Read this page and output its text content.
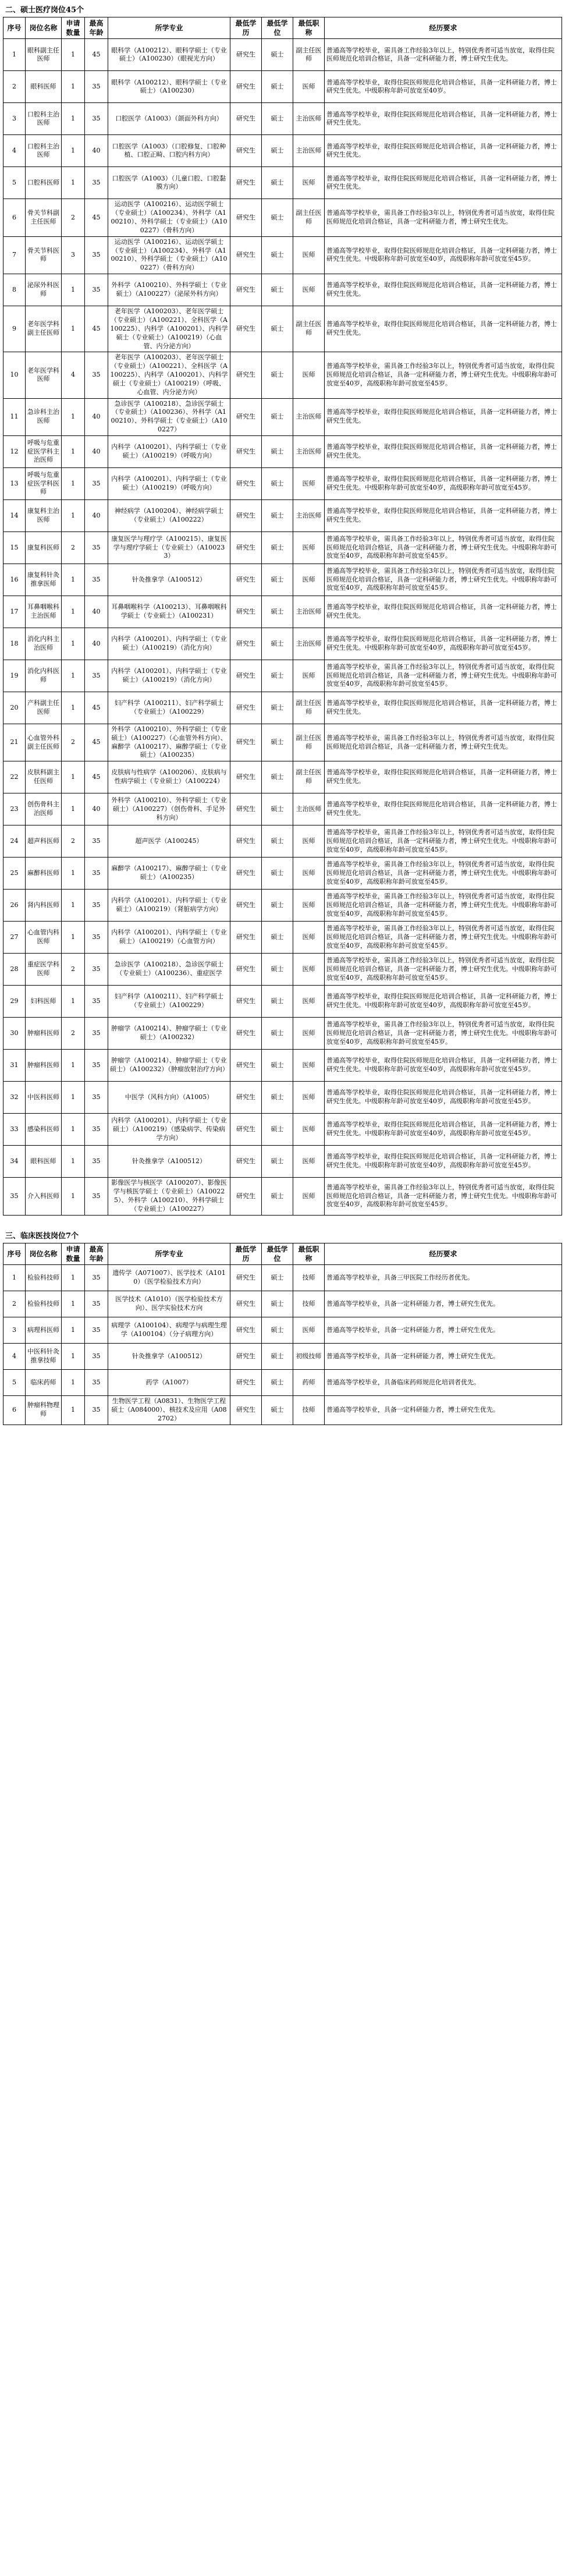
二、硕士医疗岗位45个
序号	岗位名称	申请数量	最高年龄	所学专业	最低学历	最低学位	最低职称	经历要求
1	眼科副主任医师	1	45	眼科学（A100212）、眼科学硕士（专业硕士）（A100230）（眼视光方向）	研究生	硕士	副主任医师	普通高等学校毕业，需具备工作经验3年以上，特别优秀者可适当放宽，取得住院医师规范化培训合格证，具备一定科研能力者，博士研究生优先。
2	眼科医师	1	35	眼科学（A100212）、眼科学硕士（专业硕士）（A100230）	研究生	硕士	医师	普通高等学校毕业，取得住院医师规范化培训合格证，具备一定科研能力者，博士研究生优先。中级职称年龄可放宽至40岁。
3	口腔科主治医师	1	35	口腔医学（A1003）（颌面外科方向）	研究生	硕士	主治医师	普通高等学校毕业，取得住院医师规范化培训合格证，具备一定科研能力者，博士研究生优先。
4	口腔科主治医师	1	40	口腔医学（A1003）（口腔修复、口腔种植、口腔正畸、口腔内科方向）	研究生	硕士	主治医师	普通高等学校毕业，取得住院医师规范化培训合格证，具备一定科研能力者，博士研究生优先。
5	口腔科医师	1	35	口腔医学（A1003）（儿童口腔、口腔黏膜方向）	研究生	硕士	医师	普通高等学校毕业，取得住院医师规范化培训合格证，具备一定科研能力者，博士研究生优先。
6	骨关节科副主任医师	2	45	运动医学（A100216）、运动医学硕士（专业硕士）（A100234）、外科学（A100210）、外科学硕士（专业硕士）（A100227）（骨科方向）	研究生	硕士	副主任医师	普通高等学校毕业，需具备工作经验3年以上，特别优秀者可适当放宽，取得住院医师规范化培训合格证，具备一定科研能力者，博士研究生优先。
7	骨关节科医师	3	35	运动医学（A100216）、运动医学硕士（专业硕士）（A100234）、外科学（A100210）、外科学硕士（专业硕士）（A100227）（骨科方向）	研究生	硕士	医师	普通高等学校毕业，取得住院医师规范化培训合格证，具备一定科研能力者，博士研究生优先。中级职称年龄可放宽至40岁，高级职称年龄可放宽至45岁。
8	泌尿外科医师	1	35	外科学（A100210）、外科学硕士（专业硕士）（A100227）（泌尿外科方向）	研究生	硕士	医师	普通高等学校毕业，取得住院医师规范化培训合格证，具备一定科研能力者，博士研究生优先。
9	老年医学科副主任医师	1	45	老年医学（A100203）、老年医学硕士（专业硕士）（A100221）、全科医学（A100225）、内科学（A100201）、内科学硕士（专业硕士）（A100219）（心血管、内分泌方向）	研究生	硕士	副主任医师	普通高等学校毕业，取得住院医师规范化培训合格证，具备一定科研能力者，博士研究生优先。
10	老年医学科医师	4	35	老年医学（A100203）、老年医学硕士（专业硕士）（A100221）、全科医学（A100225）、内科学（A100201）、内科学硕士（专业硕士）（A100219）（呼吸、心血管、内分泌方向）	研究生	硕士	医师	普通高等学校毕业，需具备工作经验3年以上，特别优秀者可适当放宽，取得住院医师规范化培训合格证，具备一定科研能力者，博士研究生优先。中级职称年龄可放宽至40岁，高级职称年龄可放宽至45岁。
11	急诊科主治医师	1	40	急诊医学（A100218）、急诊医学硕士（专业硕士）（A100236）、外科学（A100210）、外科学硕士（专业硕士）（A100227）	研究生	硕士	主治医师	普通高等学校毕业，取得住院医师规范化培训合格证，具备一定科研能力者，博士研究生优先。
12	呼吸与危重症医学科主治医师	1	40	内科学（A100201）、内科学硕士（专业硕士）（A100219）（呼吸方向）	研究生	硕士	主治医师	普通高等学校毕业，取得住院医师规范化培训合格证，具备一定科研能力者，博士研究生优先。
13	呼吸与危重症医学科医师	1	35	内科学（A100201）、内科学硕士（专业硕士）（A100219）（呼吸方向）	研究生	硕士	医师	普通高等学校毕业，取得住院医师规范化培训合格证，具备一定科研能力者，博士研究生优先。中级职称年龄可放宽至40岁，高级职称年龄可放宽至45岁。
14	康复科主治医师	1	40	神经病学（A100204）、神经病学硕士（专业硕士）（A100222）	研究生	硕士	主治医师	普通高等学校毕业，取得住院医师规范化培训合格证，具备一定科研能力者，博士研究生优先。
15	康复科医师	2	35	康复医学与理疗学（A100215）、康复医学与理疗学硕士（专业硕士）（A100233）	研究生	硕士	医师	普通高等学校毕业，需具备工作经验3年以上，特别优秀者可适当放宽，取得住院医师规范化培训合格证，具备一定科研能力者，博士研究生优先。中级职称年龄可放宽至40岁，高级职称年龄可放宽至45岁。
16	康复科针灸推拿医师	1	35	针灸推拿学（A100512）	研究生	硕士	医师	普通高等学校毕业，需具备工作经验3年以上，特别优秀者可适当放宽，取得住院医师规范化培训合格证，具备一定科研能力者，博士研究生优先。中级职称年龄可放宽至40岁，高级职称年龄可放宽至45岁。
17	耳鼻咽喉科主治医师	1	40	耳鼻咽喉科学（A100213）、耳鼻咽喉科学硕士（专业硕士）（A100231）	研究生	硕士	主治医师	普通高等学校毕业，取得住院医师规范化培训合格证，具备一定科研能力者，博士研究生优先。
18	消化内科主治医师	1	40	内科学（A100201）、内科学硕士（专业硕士）（A100219）（消化方向）	研究生	硕士	主治医师	普通高等学校毕业，取得住院医师规范化培训合格证，具备一定科研能力者，博士研究生优先。中级职称年龄可放宽至40岁，高级职称年龄可放宽至45岁。
19	消化内科医师	1	35	内科学（A100201）、内科学硕士（专业硕士）（A100219）（消化方向）	研究生	硕士	医师	普通高等学校毕业，需具备工作经验3年以上，特别优秀者可适当放宽，取得住院医师规范化培训合格证，具备一定科研能力者，博士研究生优先。中级职称年龄可放宽至40岁，高级职称年龄可放宽至45岁。
20	产科副主任医师	1	45	妇产科学（A100211）、妇产科学硕士（专业硕士）（A100229）	研究生	硕士	副主任医师	普通高等学校毕业，取得住院医师规范化培训合格证，具备一定科研能力者，博士研究生优先。
21	心血管外科副主任医师	2	45	外科学（A100210）、外科学硕士（专业硕士）（A100227）（心血管外科方向）、麻醉学（A100217）、麻醉学硕士（专业硕士）（A100235）	研究生	硕士	副主任医师	普通高等学校毕业，需具备工作经验3年以上，特别优秀者可适当放宽，取得住院医师规范化培训合格证，具备一定科研能力者，博士研究生优先。
22	皮肤科副主任医师	1	45	皮肤病与性病学（A100206）、皮肤病与性病学硕士（专业硕士）（A100224）	研究生	硕士	副主任医师	普通高等学校毕业，取得住院医师规范化培训合格证，具备一定科研能力者，博士研究生优先。
23	创伤骨科主治医师	1	40	外科学（A100210）、外科学硕士（专业硕士）（A100227）（创伤骨科、手足外科方向）	研究生	硕士	主治医师	普通高等学校毕业，取得住院医师规范化培训合格证，具备一定科研能力者，博士研究生优先。
24	超声科医师	2	35	超声医学（A100245）	研究生	硕士	医师	普通高等学校毕业，需具备工作经验3年以上，特别优秀者可适当放宽，取得住院医师规范化培训合格证，具备一定科研能力者，博士研究生优先。中级职称年龄可放宽至40岁，高级职称年龄可放宽至45岁。
25	麻醉科医师	1	35	麻醉学（A100217）、麻醉学硕士（专业硕士）（A100235）	研究生	硕士	医师	普通高等学校毕业，需具备工作经验3年以上，特别优秀者可适当放宽，取得住院医师规范化培训合格证，具备一定科研能力者，博士研究生优先。中级职称年龄可放宽至40岁，高级职称年龄可放宽至45岁。
26	肾内科医师	1	35	内科学（A100201）、内科学硕士（专业硕士）（A100219）（肾脏病学方向）	研究生	硕士	医师	普通高等学校毕业，需具备工作经验3年以上，特别优秀者可适当放宽，取得住院医师规范化培训合格证，具备一定科研能力者，博士研究生优先。中级职称年龄可放宽至40岁，高级职称年龄可放宽至45岁。
27	心血管内科医师	1	35	内科学（A100201）、内科学硕士（专业硕士）（A100219）（心血管方向）	研究生	硕士	医师	普通高等学校毕业，需具备工作经验3年以上，特别优秀者可适当放宽，取得住院医师规范化培训合格证，具备一定科研能力者，博士研究生优先。中级职称年龄可放宽至40岁，高级职称年龄可放宽至45岁。
28	重症医学科医师	2	35	急诊医学（A100218）、急诊医学硕士（专业硕士）（A100236）、重症医学	研究生	硕士	医师	普通高等学校毕业，需具备工作经验3年以上，特别优秀者可适当放宽，取得住院医师规范化培训合格证，具备一定科研能力者，博士研究生优先。中级职称年龄可放宽至40岁，高级职称年龄可放宽至45岁。
29	妇科医师	1	35	妇产科学（A100211）、妇产科学硕士（专业硕士）（A100229）	研究生	硕士	医师	普通高等学校毕业，取得住院医师规范化培训合格证，具备一定科研能力者，博士研究生优先。中级职称年龄可放宽至40岁，高级职称年龄可放宽至45岁。
30	肿瘤科医师	2	35	肿瘤学（A100214）、肿瘤学硕士（专业硕士）（A100232）	研究生	硕士	医师	普通高等学校毕业，需具备工作经验3年以上，特别优秀者可适当放宽，取得住院医师规范化培训合格证，具备一定科研能力者，博士研究生优先。中级职称年龄可放宽至40岁，高级职称年龄可放宽至45岁。
31	肿瘤科医师	1	35	肿瘤学（A100214）、肿瘤学硕士（专业硕士）（A100232）（肿瘤放射治疗方向）	研究生	硕士	医师	普通高等学校毕业，取得住院医师规范化培训合格证，具备一定科研能力者，博士研究生优先。中级职称年龄可放宽至40岁，高级职称年龄可放宽至45岁。
32	中医科医师	1	35	中医学（风科方向）（A1005）	研究生	硕士	医师	普通高等学校毕业，取得住院医师规范化培训合格证，具备一定科研能力者，博士研究生优先。中级职称年龄可放宽至40岁，高级职称年龄可放宽至45岁。
33	感染科医师	1	35	内科学（A100201）、内科学硕士（专业硕士）（A100219）（感染病学、传染病学方向）	研究生	硕士	医师	普通高等学校毕业，取得住院医师规范化培训合格证，具备一定科研能力者，博士研究生优先。中级职称年龄可放宽至40岁，高级职称年龄可放宽至45岁。
34	眼科医师	1	35	针灸推拿学（A100512）	研究生	硕士	医师	普通高等学校毕业，取得住院医师规范化培训合格证，具备一定科研能力者，博士研究生优先。中级职称年龄可放宽至40岁，高级职称年龄可放宽至45岁。
35	介入科医师	1	35	影像医学与核医学（A100207）、影像医学与核医学硕士（专业硕士）（A100225）、外科学（A100210）、外科学硕士（专业硕士）（A100227）	研究生	硕士	医师	普通高等学校毕业，需具备工作经验3年以上，特别优秀者可适当放宽，取得住院医师规范化培训合格证，具备一定科研能力者，博士研究生优先。中级职称年龄可放宽至40岁，高级职称年龄可放宽至45岁。
三、临床医技岗位7个
序号	岗位名称	申请数量	最高年龄	所学专业	最低学历	最低学位	最低职称	经历要求
1	检验科技师	1	35	遗传学（A071007）、医学技术（A1010）（医学检验技术方向）	研究生	硕士	技师	普通高等学校毕业，具备三甲医院工作经历者优先。
2	检验科技师	1	35	医学技术（A1010）（医学检验技术方向）、医学实验技术方向	研究生	硕士	技师	普通高等学校毕业，具备一定科研能力者，博士研究生优先。
3	病理科医师	1	35	病理学（A100104）、病理学与病理生理学（A100104）（分子病理方向）	研究生	硕士	医师	普通高等学校毕业，具备一定科研能力者，博士研究生优先。
4	中医科针灸推拿技师	1	35	针灸推拿学（A100512）	研究生	硕士	初级技师	普通高等学校毕业，具备一定科研能力者，博士研究生优先。
5	临床药师	1	35	药学（A1007）	研究生	硕士	药师	普通高等学校毕业，具备临床药师规范化培训者优先。
6	肿瘤科物理师	1	35	生物医学工程（A0831）、生物医学工程硕士（A084000）、核技术及应用（A082702）	研究生	硕士	技师	普通高等学校毕业，具备一定科研能力者，博士研究生优先。
